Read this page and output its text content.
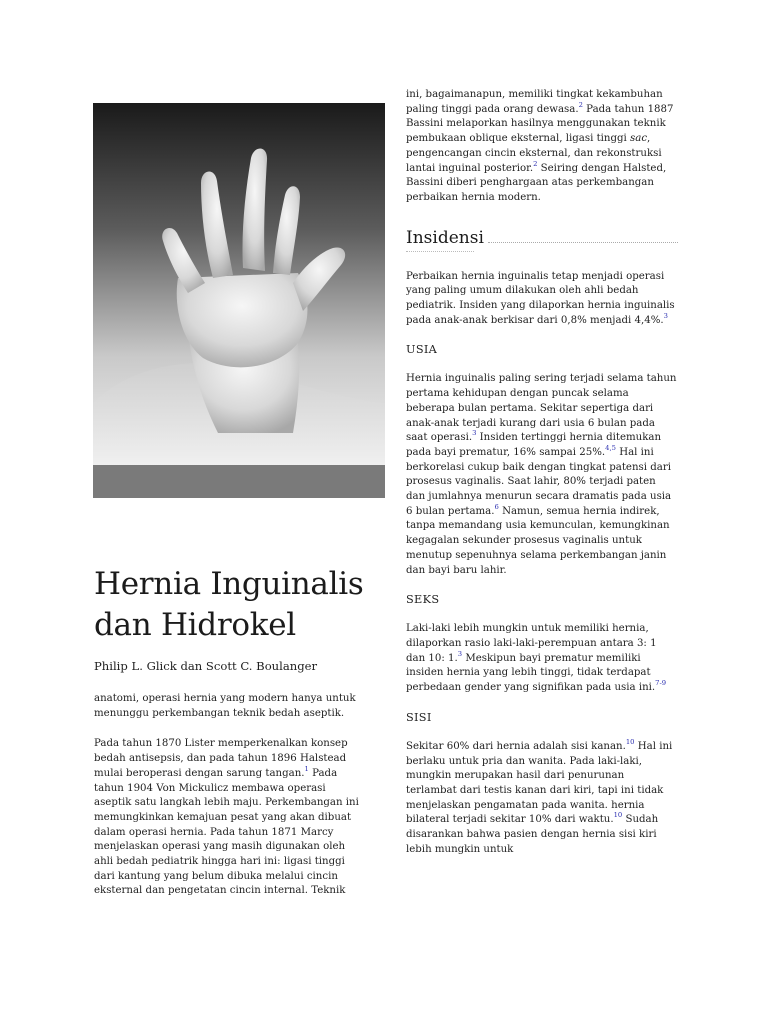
Hernia Inguinalis dan Hidrokel

Philip L. Glick dan Scott C. Boulanger

anatomi, operasi hernia yang modern hanya untuk menunggu perkembangan teknik bedah aseptik.

Pada tahun 1870 Lister memperkenalkan konsep bedah antisepsis, dan pada tahun 1896 Halstead mulai beroperasi dengan sarung tangan.$^1$ Pada tahun 1904 Von Mickulicz membawa operasi aseptik satu langkah lebih maju. Perkembangan ini memungkinkan kemajuan pesat yang akan dibuat dalam operasi hernia. Pada tahun 1871 Marcy menjelaskan operasi yang masih digunakan oleh ahli bedah pediatrik hingga hari ini: ligasi tinggi dari kantung yang belum dibuka melalui cincin eksternal dan pengetatan cincin internal. Teknik

ini, bagaimanapun, memiliki tingkat kekambuhan paling tinggi pada orang dewasa.$^2$ Pada tahun 1887 Bassini melaporkan hasilnya menggunakan teknik pembukaan oblique eksternal, ligasi tinggi sac, pengencangan cincin eksternal, dan rekonstruksi lantai inguinal posterior.$^2$ Seiring dengan Halsted, Bassini diberi penghargaan atas perkembangan perbaikan hernia modern.

Insidensi

Perbaikan hernia inguinalis tetap menjadi operasi yang paling umum dilakukan oleh ahli bedah pediatrik. Insiden yang dilaporkan hernia inguinalis pada anak-anak berkisar dari 0,8% menjadi 4,4%.$^3$

USIA

Hernia inguinalis paling sering terjadi selama tahun pertama kehidupan dengan puncak selama beberapa bulan pertama. Sekitar sepertiga dari anak-anak terjadi kurang dari usia 6 bulan pada saat operasi.$^3$ Insiden tertinggi hernia ditemukan pada bayi prematur, 16% sampai 25%.$^{4,5}$ Hal ini berkorelasi cukup baik dengan tingkat patensi dari prosesus vaginalis. Saat lahir, 80% terjadi paten dan jumlahnya menurun secara dramatis pada usia 6 bulan pertama.$^6$ Namun, semua hernia indirek, tanpa memandang usia kemunculan, kemungkinan kegagalan sekunder prosesus vaginalis untuk menutup sepenuhnya selama perkembangan janin dan bayi baru lahir.

SEKS

Laki-laki lebih mungkin untuk memiliki hernia, dilaporkan rasio laki-laki-perempuan antara 3: 1 dan 10: 1.$^3$ Meskipun bayi prematur memiliki insiden hernia yang lebih tinggi, tidak terdapat perbedaan gender yang signifikan pada usia ini.$^{7-9}$

SISI

Sekitar 60% dari hernia adalah sisi kanan.$^{10}$ Hal ini berlaku untuk pria dan wanita. Pada laki-laki, mungkin merupakan hasil dari penurunan terlambat dari testis kanan dari kiri, tapi ini tidak menjelaskan pengamatan pada wanita. hernia bilateral terjadi sekitar 10% dari waktu.$^{10}$ Sudah disarankan bahwa pasien dengan hernia sisi kiri lebih mungkin untuk
